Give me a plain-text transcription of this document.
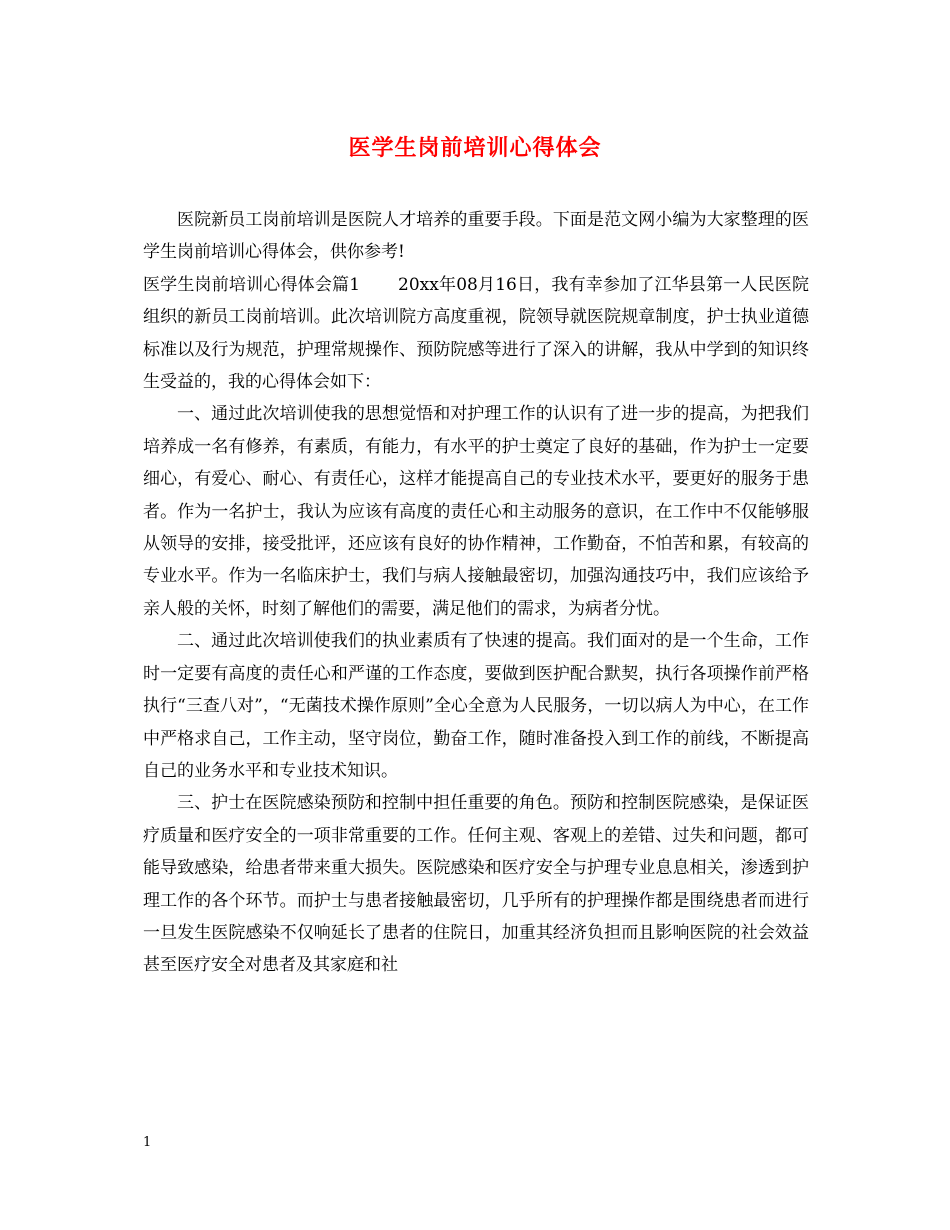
医学生岗前培训心得体会

医院新员工岗前培训是医院人才培养的重要手段。下面是范文网小编为大家整理的医学生岗前培训心得体会，供你参考!

医学生岗前培训心得体会篇1 20xx年08月16日，我有幸参加了江华县第一人民医院组织的新员工岗前培训。此次培训院方高度重视，院领导就医院规章制度，护士执业道德标准以及行为规范，护理常规操作、预防院感等进行了深入的讲解，我从中学到的知识终生受益的，我的心得体会如下：

一、通过此次培训使我的思想觉悟和对护理工作的认识有了进一步的提高，为把我们培养成一名有修养，有素质，有能力，有水平的护士奠定了良好的基础，作为护士一定要细心，有爱心、耐心、有责任心，这样才能提高自己的专业技术水平，要更好的服务于患者。作为一名护士，我认为应该有高度的责任心和主动服务的意识，在工作中不仅能够服从领导的安排，接受批评，还应该有良好的协作精神，工作勤奋，不怕苦和累，有较高的专业水平。作为一名临床护士，我们与病人接触最密切，加强沟通技巧中，我们应该给予亲人般的关怀，时刻了解他们的需要，满足他们的需求，为病者分忧。

二、通过此次培训使我们的执业素质有了快速的提高。我们面对的是一个生命，工作时一定要有高度的责任心和严谨的工作态度，要做到医护配合默契，执行各项操作前严格执行“三查八对”，“无菌技术操作原则”全心全意为人民服务，一切以病人为中心，在工作中严格求自己，工作主动，坚守岗位，勤奋工作，随时准备投入到工作的前线，不断提高自己的业务水平和专业技术知识。

三、护士在医院感染预防和控制中担任重要的角色。预防和控制医院感染，是保证医疗质量和医疗安全的一项非常重要的工作。任何主观、客观上的差错、过失和问题，都可能导致感染，给患者带来重大损失。医院感染和医疗安全与护理专业息息相关，渗透到护理工作的各个环节。而护士与患者接触最密切，几乎所有的护理操作都是围绕患者而进行一旦发生医院感染不仅响延长了患者的住院日，加重其经济负担而且影响医院的社会效益甚至医疗安全对患者及其家庭和社

1
